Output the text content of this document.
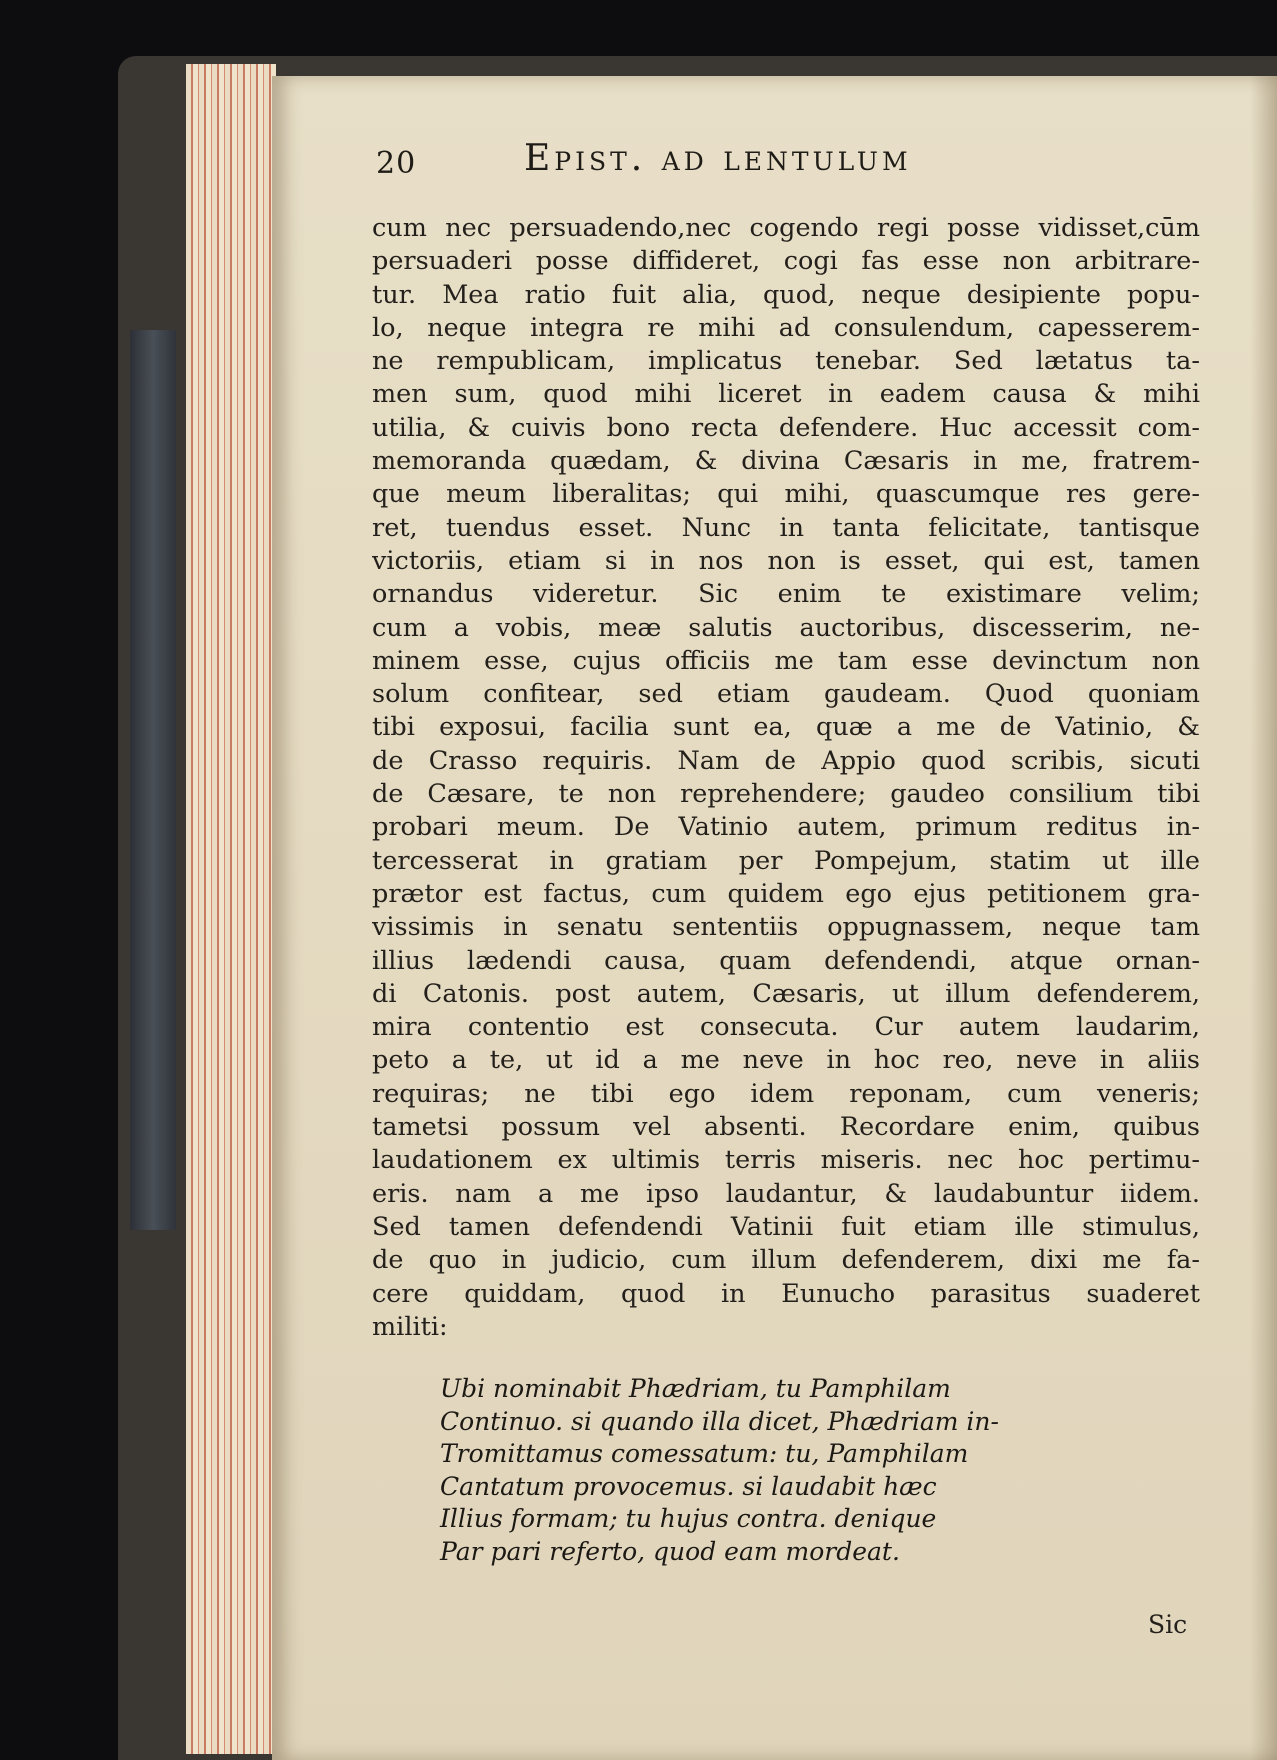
20	Epist. ad lentulum
cum nec persuadendo,nec cogendo regi posse vidisset,cūm
persuaderi posse diffideret, cogi fas esse non arbitrare-
tur. Mea ratio fuit alia, quod, neque desipiente popu-
lo, neque integra re mihi ad consulendum, capesserem-
ne rempublicam, implicatus tenebar. Sed lætatus ta-
men sum, quod mihi liceret in eadem causa & mihi
utilia, & cuivis bono recta defendere. Huc accessit com-
memoranda quædam, & divina Cæsaris in me, fratrem-
que meum liberalitas; qui mihi, quascumque res gere-
ret, tuendus esset. Nunc in tanta felicitate, tantisque
victoriis, etiam si in nos non is esset, qui est, tamen
ornandus videretur. Sic enim te existimare velim;
cum a vobis, meæ salutis auctoribus, discesserim, ne-
minem esse, cujus officiis me tam esse devinctum non
solum confitear, sed etiam gaudeam. Quod quoniam
tibi exposui, facilia sunt ea, quæ a me de Vatinio, &
de Crasso requiris. Nam de Appio quod scribis, sicuti
de Cæsare, te non reprehendere; gaudeo consilium tibi
probari meum. De Vatinio autem, primum reditus in-
tercesserat in gratiam per Pompejum, statim ut ille
prætor est factus, cum quidem ego ejus petitionem gra-
vissimis in senatu sententiis oppugnassem, neque tam
illius lædendi causa, quam defendendi, atque ornan-
di Catonis. post autem, Cæsaris, ut illum defenderem,
mira contentio est consecuta. Cur autem laudarim,
peto a te, ut id a me neve in hoc reo, neve in aliis
requiras; ne tibi ego idem reponam, cum veneris;
tametsi possum vel absenti. Recordare enim, quibus
laudationem ex ultimis terris miseris. nec hoc pertimu-
eris. nam a me ipso laudantur, & laudabuntur iidem.
Sed tamen defendendi Vatinii fuit etiam ille stimulus,
de quo in judicio, cum illum defenderem, dixi me fa-
cere quiddam, quod in Eunucho parasitus suaderet
militi:
Ubi nominabit Phædriam, tu Pamphilam
Continuo. si quando illa dicet, Phædriam in-
Tromittamus comessatum: tu, Pamphilam
Cantatum provocemus. si laudabit hæc
Illius formam; tu hujus contra. denique
Par pari referto, quod eam mordeat.
Sic
